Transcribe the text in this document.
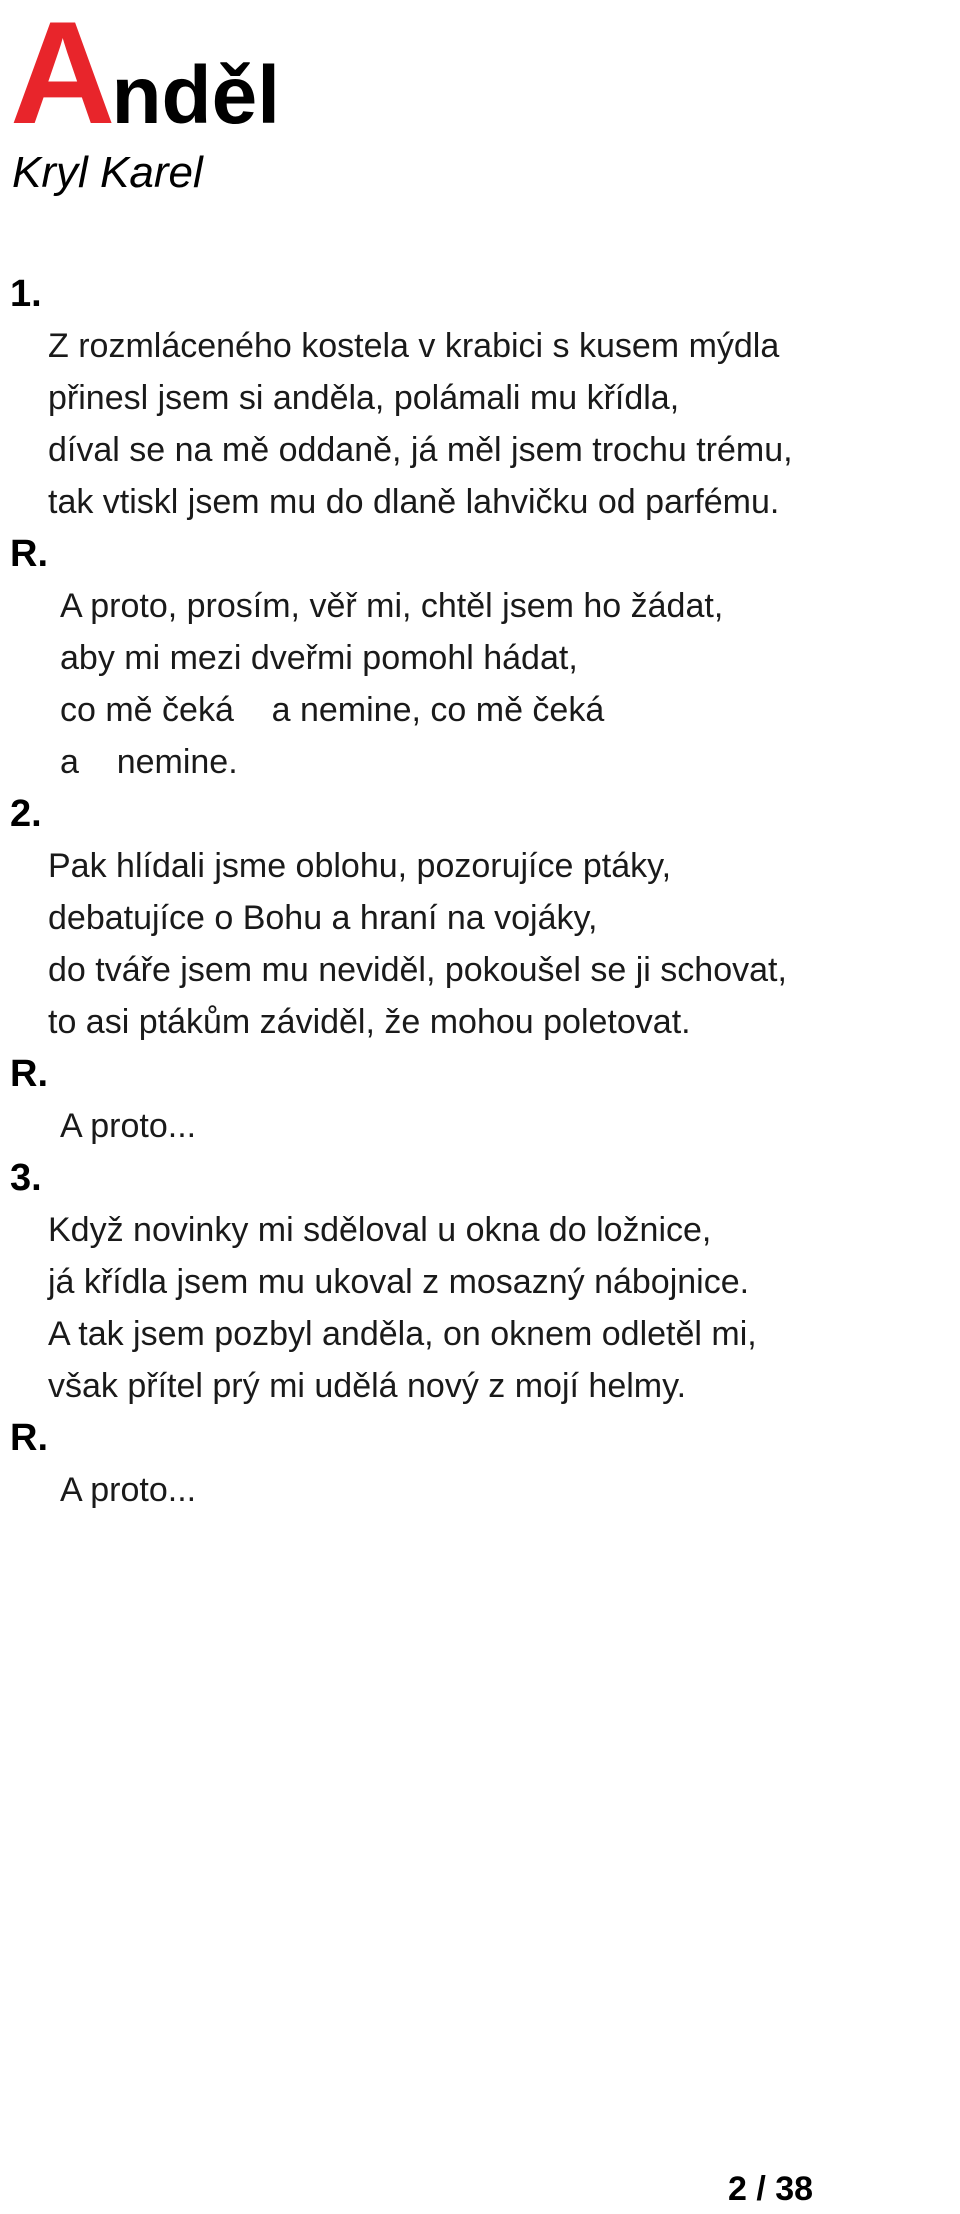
Anděl
Kryl Karel
1.
Z rozmláceného kostela v krabici s kusem mýdla
přinesl jsem si anděla, polámali mu křídla,
díval se na mě oddaně, já měl jsem trochu trému,
tak vtiskl jsem mu do dlaně lahvičku od parfému.
R.
A proto, prosím, věř mi, chtěl jsem ho žádat,
aby mi mezi dveřmi pomohl hádat,
co mě čeká    a nemine, co mě čeká
a    nemine.
2.
Pak hlídali jsme oblohu, pozorujíce ptáky,
debatujíce o Bohu a hraní na vojáky,
do tváře jsem mu neviděl, pokoušel se ji schovat,
to asi ptákům záviděl, že mohou poletovat.
R.
A proto...
3.
Když novinky mi sděloval u okna do ložnice,
já křídla jsem mu ukoval z mosazný nábojnice.
A tak jsem pozbyl anděla, on oknem odletěl mi,
však přítel prý mi udělá nový z mojí helmy.
R.
A proto...
2 / 38
